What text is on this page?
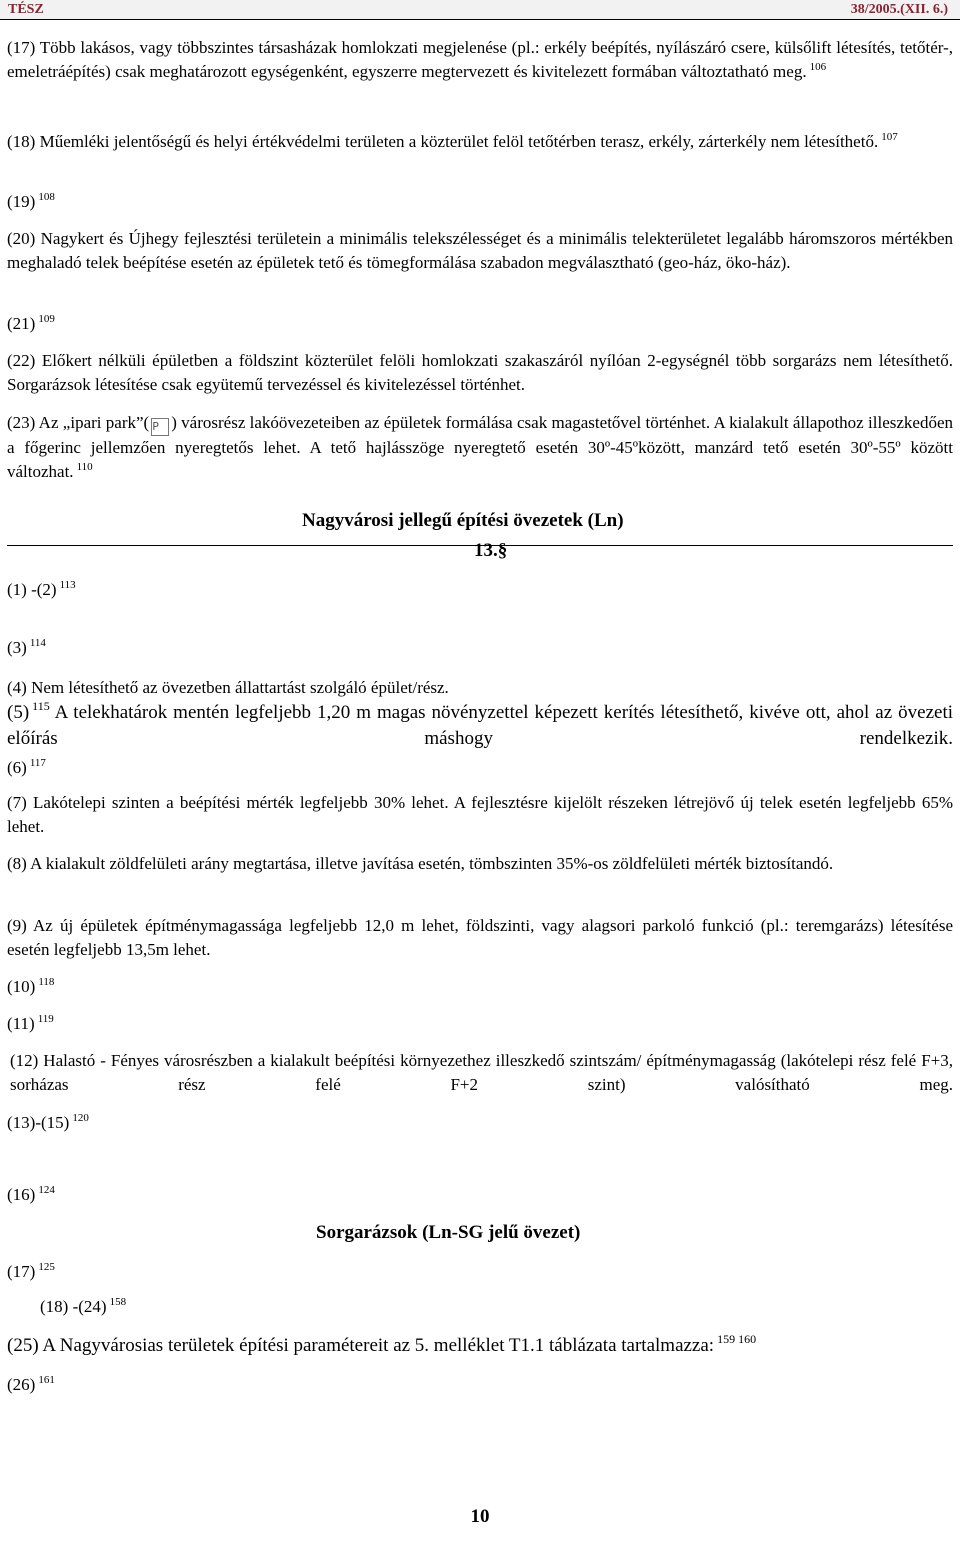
TÉSZ	38/2005.(XII. 6.)

(17) Több lakásos, vagy többszintes társasházak homlokzati megjelenése (pl.: erkély beépítés, nyílászáró csere, külsőlift létesítés, tetőtér-, emeletráépítés) csak meghatározott egységenként, egyszerre megtervezett és kivitelezett formában változtatható meg. $^{106}$

(18) Műemléki jelentőségű és helyi értékvédelmi területen a közterület felöl tetőtérben terasz, erkély, zárterkély nem létesíthető. $^{107}$

(19) $^{108}$

(20) Nagykert és Újhegy fejlesztési területein a minimális telekszélességet és a minimális telekterületet legalább háromszoros mértékben meghaladó telek beépítése esetén az épületek tető és tömegformálása szabadon megválasztható (geo-ház, öko-ház).

(21) $^{109}$

(22) Előkert nélküli épületben a földszint közterület felöli homlokzati szakaszáról nyílóan 2-egységnél több sorgarázs nem létesíthető. Sorgarázsok létesítése csak együtemű tervezéssel és kivitelezéssel történhet.

(23) Az „ipari park”( P ) városrész lakóövezeteiben az épületek formálása csak magastetővel történhet. A kialakult állapothoz illeszkedően a főgerinc jellemzően nyeregtetős lehet. A tető hajlásszöge nyeregtető esetén 30º-45ºközött, manzárd tető esetén 30º-55º között változhat. $^{110}$

Nagyvárosi jellegű építési övezetek (Ln)
13.§

(1) -(2) $^{113}$

(3) $^{114}$

(4) Nem létesíthető az övezetben állattartást szolgáló épület/rész.

(5) $^{115}$ A telekhatárok mentén legfeljebb 1,20 m magas növényzettel képezett kerítés létesíthető, kivéve ott, ahol az övezeti előírás máshogy rendelkezik.

(6) $^{117}$

(7) Lakótelepi szinten a beépítési mérték legfeljebb 30% lehet. A fejlesztésre kijelölt részeken létrejövő új telek esetén legfeljebb 65% lehet.

(8) A kialakult zöldfelületi arány megtartása, illetve javítása esetén, tömbszinten 35%-os zöldfelületi mérték biztosítandó.

(9) Az új épületek építménymagassága legfeljebb 12,0 m lehet, földszinti, vagy alagsori parkoló funkció (pl.: teremgarázs) létesítése esetén legfeljebb 13,5m lehet.

(10) $^{118}$

(11) $^{119}$

(12) Halastó - Fényes városrészben a kialakult beépítési környezethez illeszkedő szintszám/ építménymagasság (lakótelepi rész felé F+3, sorházas rész felé F+2 szint) valósítható meg.

(13)-(15) $^{120}$

(16) $^{124}$

Sorgarázsok (Ln-SG jelű övezet)

(17) $^{125}$

(18) -(24) $^{158}$

(25) A Nagyvárosias területek építési paramétereit az 5. melléklet T1.1 táblázata tartalmazza: $^{159}$ $^{160}$

(26) $^{161}$

10
